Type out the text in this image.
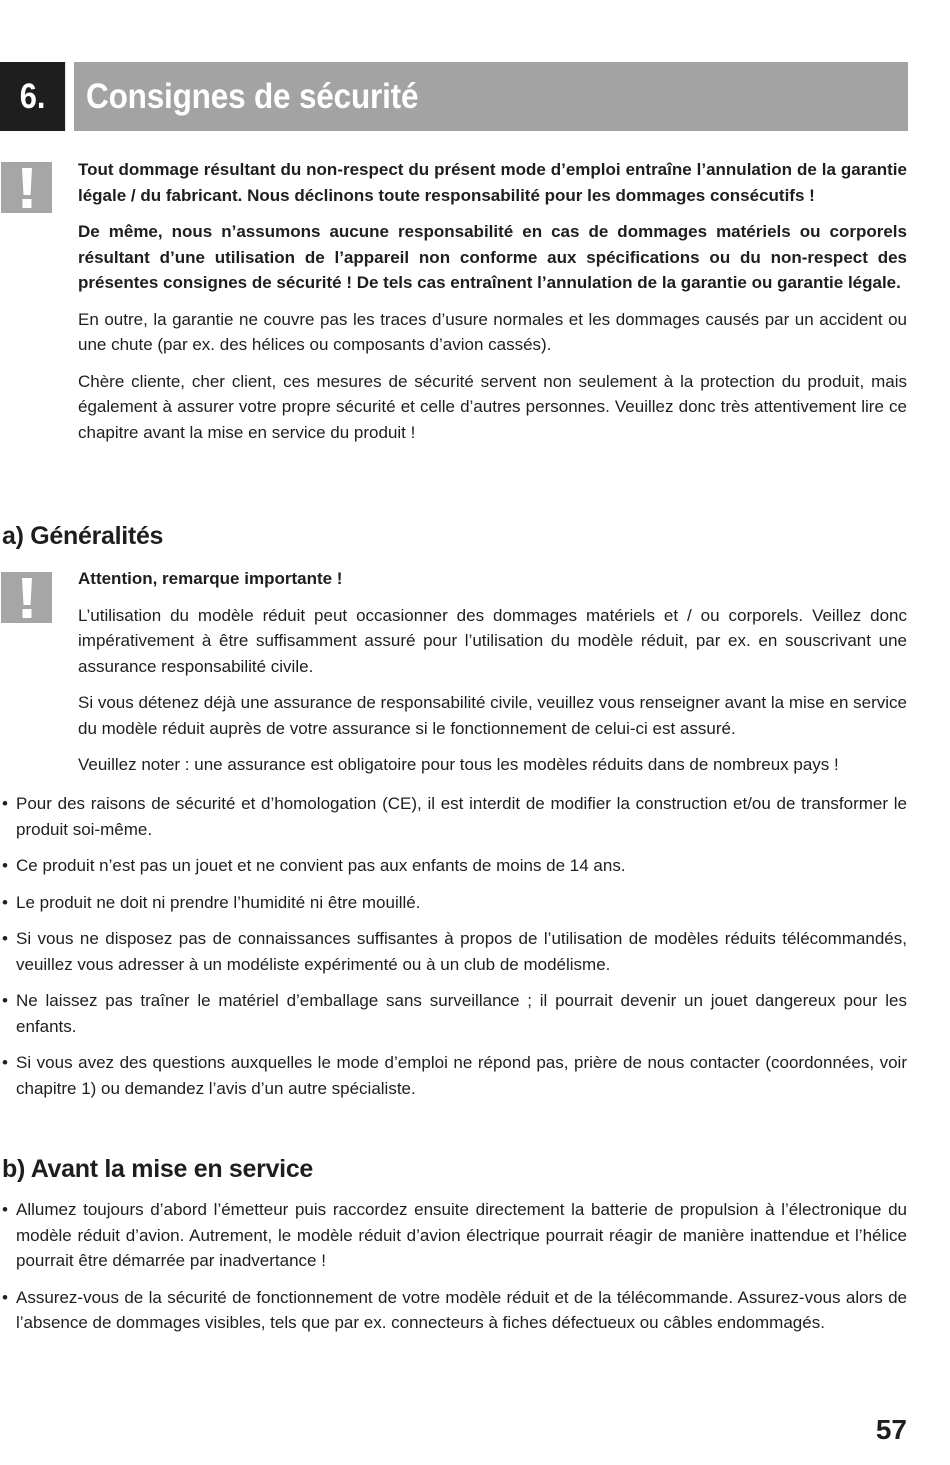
6.	Consignes de sécurité

Tout dommage résultant du non-respect du présent mode d’emploi entraîne l’annulation de la garantie légale / du fabricant. Nous déclinons toute responsabilité pour les dommages consécutifs !

De même, nous n’assumons aucune responsabilité en cas de dommages matériels ou corporels résultant d’une utilisation de l’appareil non conforme aux spécifications ou du non-respect des présentes consignes de sécurité ! De tels cas entraînent l’annulation de la garantie ou garantie légale.

En outre, la garantie ne couvre pas les traces d’usure normales et les dommages causés par un accident ou une chute (par ex. des hélices ou composants d’avion cassés).

Chère cliente, cher client, ces mesures de sécurité servent non seulement à la protection du produit, mais également à assurer votre propre sécurité et celle d’autres personnes. Veuillez donc très attentivement lire ce chapitre avant la mise en service du produit !

a) Généralités

Attention, remarque importante !

L’utilisation du modèle réduit peut occasionner des dommages matériels et / ou corporels. Veillez donc impérativement à être suffisamment assuré pour l’utilisation du modèle réduit, par ex. en souscrivant une assurance responsabilité civile.

Si vous détenez déjà une assurance de responsabilité civile, veuillez vous renseigner avant la mise en service du modèle réduit auprès de votre assurance si le fonctionnement de celui-ci est assuré.

Veuillez noter : une assurance est obligatoire pour tous les modèles réduits dans de nombreux pays !

• Pour des raisons de sécurité et d’homologation (CE), il est interdit de modifier la construction et/ou de transformer le produit soi-même.
• Ce produit n’est pas un jouet et ne convient pas aux enfants de moins de 14 ans.
• Le produit ne doit ni prendre l’humidité ni être mouillé.
• Si vous ne disposez pas de connaissances suffisantes à propos de l’utilisation de modèles réduits télécommandés, veuillez vous adresser à un modéliste expérimenté ou à un club de modélisme.
• Ne laissez pas traîner le matériel d’emballage sans surveillance ; il pourrait devenir un jouet dangereux pour les enfants.
• Si vous avez des questions auxquelles le mode d’emploi ne répond pas, prière de nous contacter (coordonnées, voir chapitre 1) ou demandez l’avis d’un autre spécialiste.
b) Avant la mise en service
• Allumez toujours d’abord l’émetteur puis raccordez ensuite directement la batterie de propulsion à l’électronique du modèle réduit d’avion. Autrement, le modèle réduit d’avion électrique pourrait réagir de manière inattendue et l’hélice pourrait être démarrée par inadvertance !
• Assurez-vous de la sécurité de fonctionnement de votre modèle réduit et de la télécommande. Assurez-vous alors de l’absence de dommages visibles, tels que par ex. connecteurs à fiches défectueux ou câbles endommagés.
57
